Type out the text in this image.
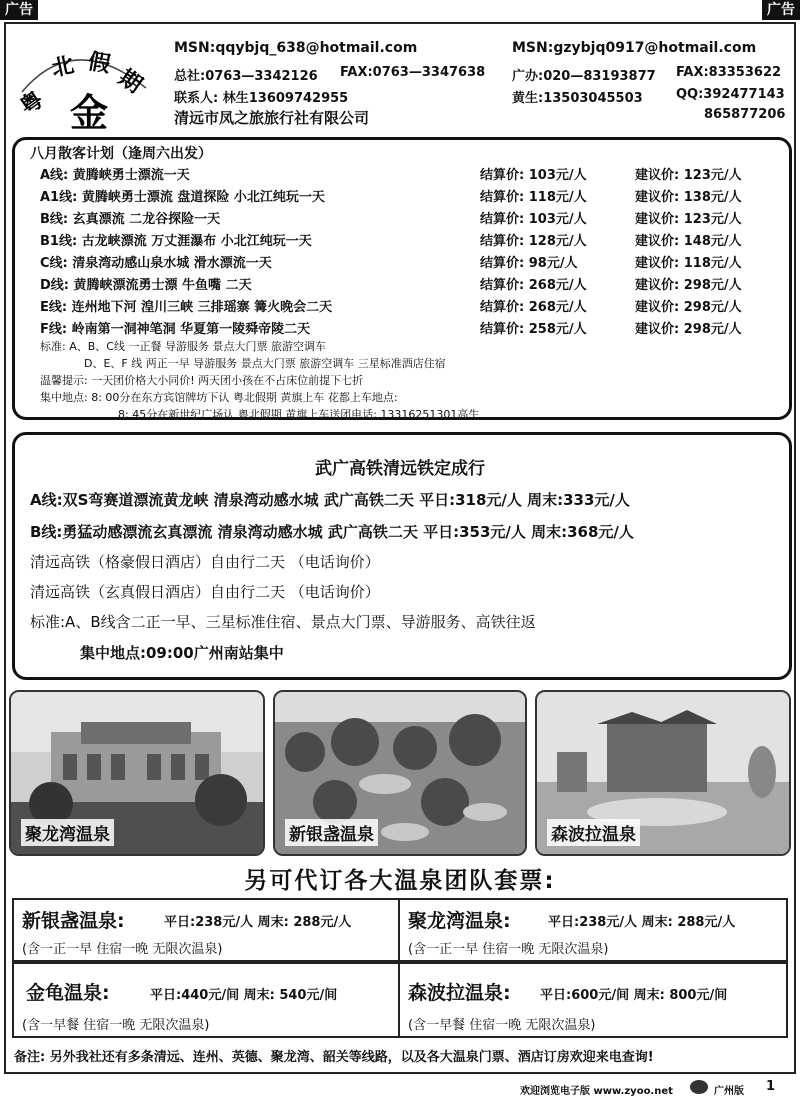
广告	广告
粤
北 假
期
金
MSN:qqybjq_638@hotmail.com	MSN:gzybjq0917@hotmail.com
总社:0763—3342126 FAX:0763—3347638 广办:020—83193877 FAX:83353622
联系人: 林生13609742955	黄生:13503045503	QQ:392477143
865877206
清远市凤之旅旅行社有限公司
八月散客计划（逢周六出发）
A线: 黄腾峡勇士漂流一天	结算价: 103元/人	建议价: 123元/人
A1线: 黄腾峡勇士漂流 盘道探险 小北江纯玩一天	结算价: 118元/人	建议价: 138元/人
B线: 玄真漂流 二龙谷探险一天	结算价: 103元/人	建议价: 123元/人
B1线: 古龙峡漂流 万丈涯瀑布 小北江纯玩一天	结算价: 128元/人	建议价: 148元/人
C线: 清泉湾动感山泉水城 滑水漂流一天	结算价: 98元/人	建议价: 118元/人
D线: 黄腾峡漂流勇士漂 牛鱼嘴 二天	结算价: 268元/人	建议价: 298元/人
E线: 连州地下河 湟川三峡 三排瑶寨 篝火晚会二天	结算价: 268元/人	建议价: 298元/人
F线: 岭南第一洞神笔洞 华夏第一陵舜帝陵二天	结算价: 258元/人	建议价: 298元/人
标准: A、B、C线 一正餐 导游服务 景点大门票 旅游空调车
D、E、F 线 两正一早 导游服务 景点大门票 旅游空调车 三星标准酒店住宿
温馨提示: 一天团价格大小同价! 两天团小孩在不占床位前提下七折
集中地点: 8: 00分在东方宾馆牌坊下认 粤北假期 黄旗上车 花都上车地点:
8: 45分在新世纪广场认 粤北假期 黄旗上车送团电话: 13316251301高生
武广高铁清远铁定成行
A线:双S弯赛道漂流黄龙峡 清泉湾动感水城 武广高铁二天 平日:318元/人 周末:333元/人
B线:勇猛动感漂流玄真漂流 清泉湾动感水城 武广高铁二天 平日:353元/人 周末:368元/人
清远高铁（格豪假日酒店）自由行二天 （电话询价）
清远高铁（玄真假日酒店）自由行二天 （电话询价）
标准:A、B线含二正一早、三星标准住宿、景点大门票、导游服务、高铁往返
集中地点:09:00广州南站集中
聚龙湾温泉	新银盏温泉	森波拉温泉
另可代订各大温泉团队套票:
新银盏温泉:	平日:238元/人 周末: 288元/人
(含一正一早 住宿一晚 无限次温泉)
聚龙湾温泉:	平日:238元/人 周末: 288元/人
(含一正一早 住宿一晚 无限次温泉)
金龟温泉:	平日:440元/间 周末: 540元/间
(含一早餐 住宿一晚 无限次温泉)
森波拉温泉: 平日:600元/间 周末: 800元/间
(含一早餐 住宿一晚 无限次温泉)
备注: 另外我社还有多条清远、连州、英德、聚龙湾、韶关等线路，以及各大温泉门票、酒店订房欢迎来电查询!
欢迎浏览电子版 www.zyoo.net	广州版 1
